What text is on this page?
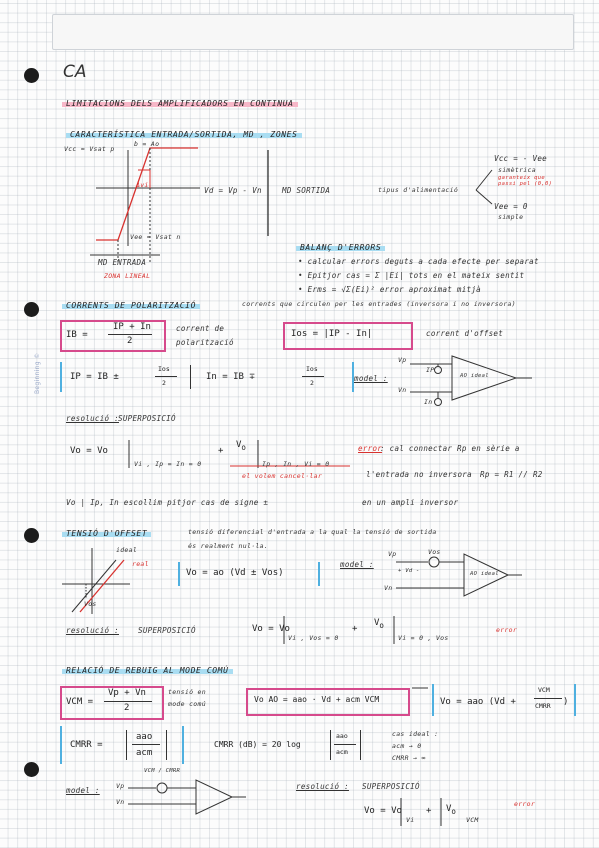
Beginning ©
CA
LIMITACIONS DELS AMPLIFICADORS EN CONTINUA
CARACTERÍSTICA ENTRADA/SORTIDA, MD , ZONES
Vcc ≈ Vsat p
b = Ao
Δvi
Vd = Vp - Vn
Vee ≈ Vsat n
MD ENTRADA
ZONA LINEAL
MD SORTIDA	tipus d'alimentació
Vcc = - Vee
simètrica
garanteix que passi pel (0,0)
Vee = 0
simple
BALANÇ D'ERRORS
• calcular errors deguts a cada efecte per separat
• Epitjor cas = Σ |Ei| tots en el mateix sentit
• Erms = √Σ(Ei)² error aproximat mitjà
CORRENTS DE POLARITZACIÓ	corrents que circulen per les entrades (inversora i no inversora)
IB =
IP + In
2
corrent de
polarització
Ios = |IP - In|	corrent d'offset
IP = IB ±
Ios
2
In = IB ∓
Ios
2	model :
Vp
Vn
IP
In
AO ideal
resolució : SUPERPOSICIÓ
Vo = Vo
Vi , Ip = In = 0
+
$V_o$
Ip , In , Vi = 0
el volem cancel·lar
error
: cal connectar Rp en sèrie a
l'entrada no inversora Rp = R1 // R2
Vo | Ip, In escollim pitjor cas de signe ±	en un ampli inversor
TENSIÓ D'OFFSET	tensió diferencial d'entrada a la qual la tensió de sortida
és realment nul·la.
ideal
real
Vos
Vo = ao (Vd ± Vos)
model :
Vp
Vn
Vos
+ Vd -	AO ideal
resolució :	SUPERPOSICIÓ	Vo = Vo
Vi , Vos = 0
+
$V_o$
Vi = 0 , Vos
error
RELACIÓ DE REBUIG AL MODE COMÚ
VCM =
Vp + Vn
2
tensió en
mode comú	Vo AO = aao · Vd + acm VCM	Vo = aao (Vd +
VCM
CMRR )
CMRR =
aao
acm
CMRR (dB) = 20 log
aao
acm
cas ideal :
acm → 0
CMRR → ∞
model :	Vp
Vn
VCM / CMRR
resolució : SUPERPOSICIÓ
Vo = Vo
Vi
+ $V_o$
VCM
error
